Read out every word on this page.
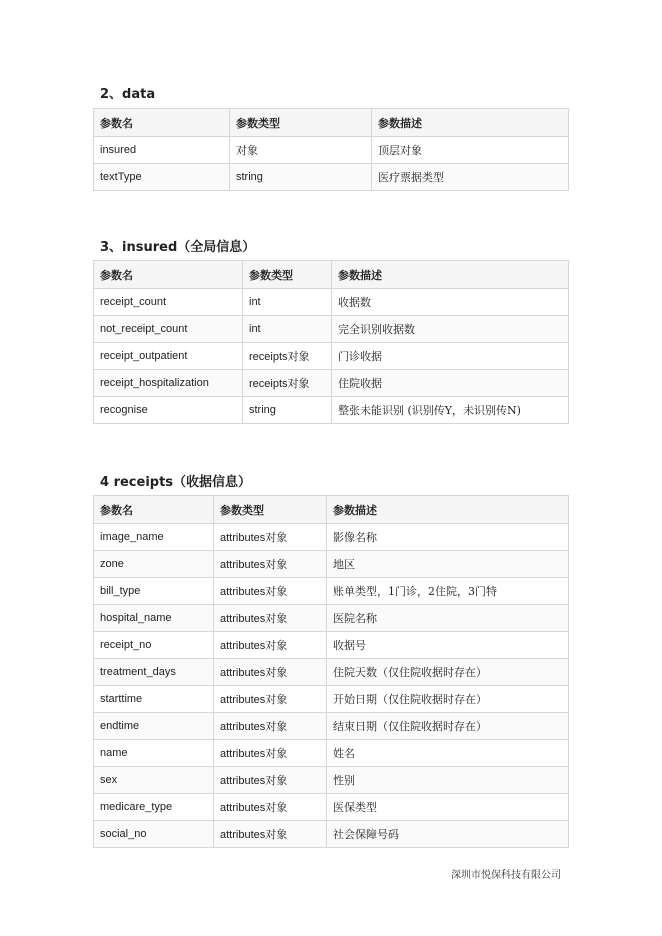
2、data
参数名	参数类型	参数描述
insured	对象	顶层对象
textType	string	医疗票据类型
3、insured（全局信息）
参数名	参数类型	参数描述
receipt_count	int	收据数
not_receipt_count	int	完全识别收据数
receipt_outpatient	receipts对象	门诊收据
receipt_hospitalization	receipts对象	住院收据
recognise	string	整张未能识别 (识别传Y，未识别传N)
4 receipts（收据信息）
参数名	参数类型	参数描述
image_name	attributes对象	影像名称
zone	attributes对象	地区
bill_type	attributes对象	账单类型，1门诊，2住院，3门特
hospital_name	attributes对象	医院名称
receipt_no	attributes对象	收据号
treatment_days	attributes对象	住院天数（仅住院收据时存在）
starttime	attributes对象	开始日期（仅住院收据时存在）
endtime	attributes对象	结束日期（仅住院收据时存在）
name	attributes对象	姓名
sex	attributes对象	性别
medicare_type	attributes对象	医保类型
social_no	attributes对象	社会保障号码
深圳市悦保科技有限公司
